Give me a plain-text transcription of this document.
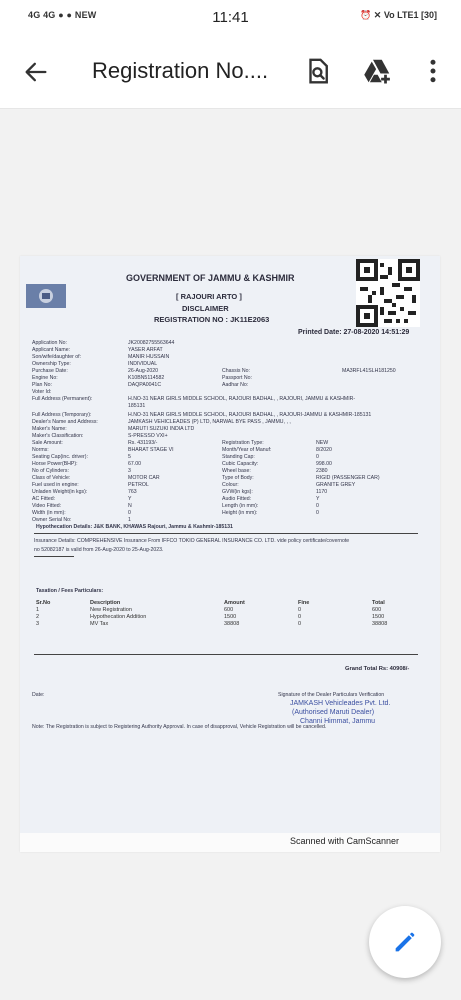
4G 4G ● ● NEW	11:41	⏰ ✕ Vo LTE1 [30]
Registration No....
GOVERNMENT OF JAMMU & KASHMIR
[ RAJOURI ARTO ]
DISCLAIMER
REGISTRATION NO : JK11E2063
Printed Date: 27-08-2020 14:51:29
Application No:	JK20082755563644
Applicant Name:	YASER ARFAT
Son/wife/daughter of:	MANIR HUSSAIN
Ownership Type:	INDIVIDUAL
Purchase Date:	26-Aug-2020
Engine No:	K10BN5114582
Plan No:	DAQPA0041C
Voter Id:
Chassis No:	MA3RFL41SLH181250
Passport No:
Aadhar No:
Full Address (Permanent):	H.NO-31 NEAR GIRLS MIDDLE SCHOOL, RAJOURI BADHAL, , RAJOURI, JAMMU & KASHMIR-
185131
Full Address (Temporary):	H.NO-31 NEAR GIRLS MIDDLE SCHOOL, RAJOURI BADHAL, , RAJOURI-JAMMU & KASHMIR-185131
Dealer's Name and Address:	JAMKASH VEHICLEADES (P) LTD, NARWAL BYE PASS , JAMMU, , ,
Maker's Name:	MARUTI SUZUKI INDIA LTD
Maker's Classification:	S-PRESSO VXI+
Sale Amount:	Rs. 431193/-
Norms:	BHARAT STAGE VI
Seating Cap(inc. driver):	5
Horse Power(BHP):	67.00
No of Cylinders:	3
Class of Vehicle:	MOTOR CAR
Fuel used in engine:	PETROL
Unladen Weight(in kgs):	763
AC Fitted:	Y
Video Fitted:	N
Width (in mm):	0
Owner Serial No:	1
Registration Type:	NEW
Month/Year of Manuf:	8/2020
Standing Cap:	0
Cubic Capacity:	998.00
Wheel base:	2380
Type of Body:	RIGID (PASSENGER CAR)
Colour:	GRANITE GREY
GVW(in kgs):	1170
Audio Fitted:	Y
Length (in mm):	0
Height (in mm):	0
Hypothecation Details: J&K BANK, KHAWAS Rajouri, Jammu & Kashmir-185131
Insurance Details: COMPREHENSIVE Insurance From IFFCO TOKIO GENERAL INSURANCE CO. LTD. vide policy certificate/covernote
no 52082187 is valid from 26-Aug-2020 to 25-Aug-2023.
Taxation / Fees Particulars:
Sr.No	Description	Amount	Fine	Total
1	New Registration	600	0	600
2	Hypothecation Addition	1500	0	1500
3	MV Tax	38808	0	38808
Grand Total Rs: 40908/-
Date:	Signature of the Dealer Particulars Verification
JAMKASH Vehicleades Pvt. Ltd.
(Authorised Maruti Dealer)
Channi Himmat, Jammu
Note: The Registration is subject to Registering Authority Approval. In case of disapproval, Vehicle Registration will be cancelled.
Scanned with CamScanner
